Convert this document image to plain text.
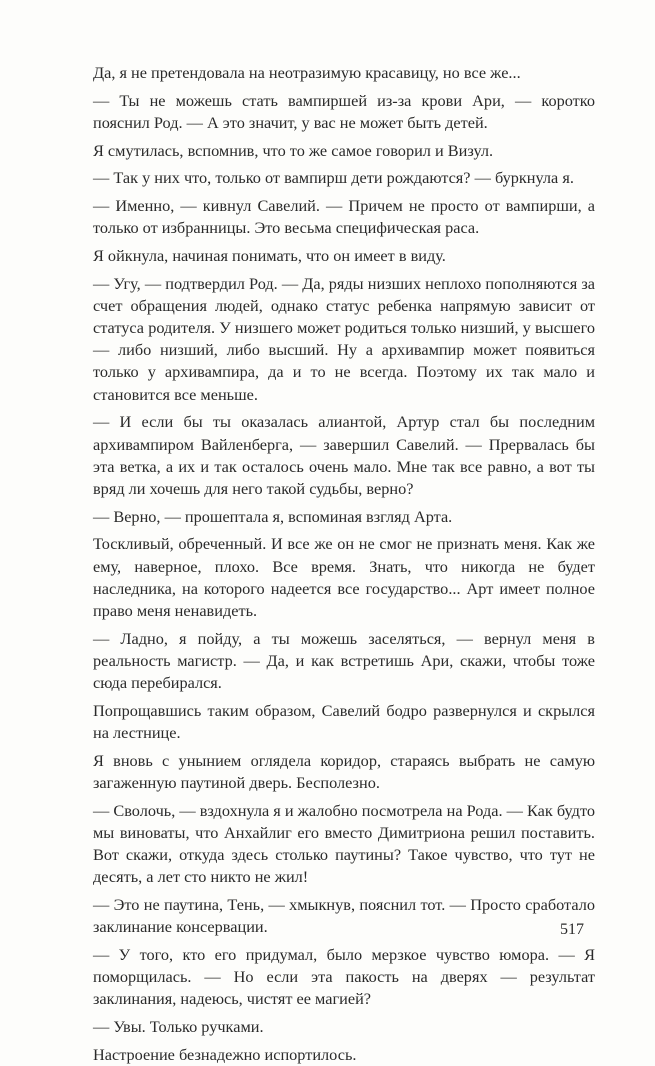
Да, я не претендовала на неотразимую красавицу, но все же...

— Ты не можешь стать вампиршей из-за крови Ари, — коротко пояснил Род. — А это значит, у вас не может быть детей.

Я смутилась, вспомнив, что то же самое говорил и Визул.

— Так у них что, только от вампирш дети рождаются? — буркнула я.

— Именно, — кивнул Савелий. — Причем не просто от вампирши, а только от избранницы. Это весьма специфическая раса.

Я ойкнула, начиная понимать, что он имеет в виду.

— Угу, — подтвердил Род. — Да, ряды низших неплохо пополняются за счет обращения людей, однако статус ребенка напрямую зависит от статуса родителя. У низшего может родиться только низший, у высшего — либо низший, либо высший. Ну а архивампир может появиться только у архивампира, да и то не всегда. Поэтому их так мало и становится все меньше.

— И если бы ты оказалась алиантой, Артур стал бы последним архивампиром Вайленберга, — завершил Савелий. — Прервалась бы эта ветка, а их и так осталось очень мало. Мне так все равно, а вот ты вряд ли хочешь для него такой судьбы, верно?

— Верно, — прошептала я, вспоминая взгляд Арта.

Тоскливый, обреченный. И все же он не смог не признать меня. Как же ему, наверное, плохо. Все время. Знать, что никогда не будет наследника, на которого надеется все государство... Арт имеет полное право меня ненавидеть.

— Ладно, я пойду, а ты можешь заселяться, — вернул меня в реальность магистр. — Да, и как встретишь Ари, скажи, чтобы тоже сюда перебирался.

Попрощавшись таким образом, Савелий бодро развернулся и скрылся на лестнице.

Я вновь с унынием оглядела коридор, стараясь выбрать не самую загаженную паутиной дверь. Бесполезно.

— Сволочь, — вздохнула я и жалобно посмотрела на Рода. — Как будто мы виноваты, что Анхайлиг его вместо Димитриона решил поставить. Вот скажи, откуда здесь столько паутины? Такое чувство, что тут не десять, а лет сто никто не жил!

— Это не паутина, Тень, — хмыкнув, пояснил тот. — Просто сработало заклинание консервации.

— У того, кто его придумал, было мерзкое чувство юмора. — Я поморщилась. — Но если эта пакость на дверях — результат заклинания, надеюсь, чистят ее магией?

— Увы. Только ручками.

Настроение безнадежно испортилось.

517
